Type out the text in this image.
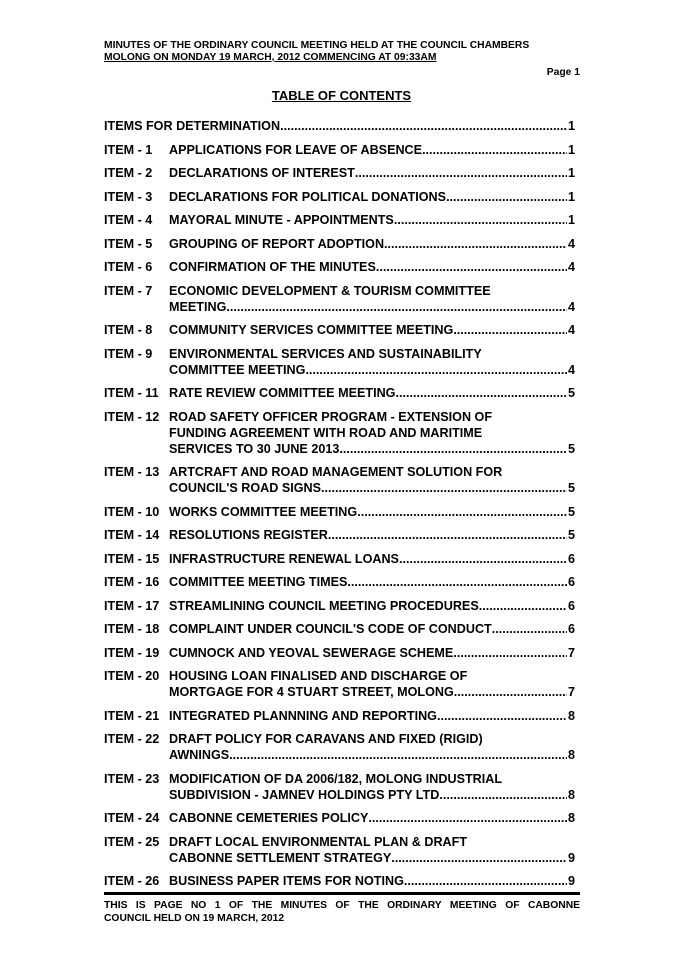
MINUTES OF THE ORDINARY COUNCIL MEETING HELD AT THE COUNCIL CHAMBERS
MOLONG ON MONDAY 19 MARCH, 2012 COMMENCING AT 09:33AM
Page 1
TABLE OF CONTENTS
ITEMS FOR DETERMINATION .....	1
ITEM - 1	APPLICATIONS FOR LEAVE OF ABSENCE .....	1
ITEM - 2	DECLARATIONS OF INTEREST .....	1
ITEM - 3	DECLARATIONS FOR POLITICAL DONATIONS .....	1
ITEM - 4	MAYORAL MINUTE - APPOINTMENTS .....	1
ITEM - 5	GROUPING OF REPORT ADOPTION .....	4
ITEM - 6	CONFIRMATION OF THE MINUTES .....	4
ITEM - 7	ECONOMIC DEVELOPMENT & TOURISM COMMITTEE
MEETING .....	4
ITEM - 8	COMMUNITY SERVICES COMMITTEE MEETING .....	4
ITEM - 9	ENVIRONMENTAL SERVICES AND SUSTAINABILITY
COMMITTEE MEETING .....	4
ITEM - 11 RATE REVIEW COMMITTEE MEETING .....	5
ITEM - 12 ROAD SAFETY OFFICER PROGRAM - EXTENSION OF
FUNDING AGREEMENT WITH ROAD AND MARITIME
SERVICES TO 30 JUNE 2013. .....	5
ITEM - 13 ARTCRAFT AND ROAD MANAGEMENT SOLUTION FOR
COUNCIL'S ROAD SIGNS .....	5
ITEM - 10 WORKS COMMITTEE MEETING .....	5
ITEM - 14 RESOLUTIONS REGISTER .....	5
ITEM - 15 INFRASTRUCTURE RENEWAL LOANS .....	6
ITEM - 16 COMMITTEE MEETING TIMES .....	6
ITEM - 17 STREAMLINING COUNCIL MEETING PROCEDURES .....	6
ITEM - 18 COMPLAINT UNDER COUNCIL'S CODE OF CONDUCT .....	6
ITEM - 19 CUMNOCK AND YEOVAL SEWERAGE SCHEME .....	7
ITEM - 20 HOUSING LOAN FINALISED AND DISCHARGE OF
MORTGAGE FOR 4 STUART STREET, MOLONG .....	7
ITEM - 21 INTEGRATED PLANNNING AND REPORTING .....	8
ITEM - 22 DRAFT POLICY FOR CARAVANS AND FIXED (RIGID)
AWNINGS .....	8
ITEM - 23 MODIFICATION OF DA 2006/182, MOLONG INDUSTRIAL
SUBDIVISION - JAMNEV HOLDINGS PTY LTD .....	8
ITEM - 24 CABONNE CEMETERIES POLICY .....	8
ITEM - 25 DRAFT LOCAL ENVIRONMENTAL PLAN & DRAFT
CABONNE SETTLEMENT STRATEGY .....	9
ITEM - 26 BUSINESS PAPER ITEMS FOR NOTING .....	9
THIS IS PAGE NO 1 OF THE MINUTES OF THE ORDINARY MEETING OF CABONNE
COUNCIL HELD ON 19 MARCH, 2012
